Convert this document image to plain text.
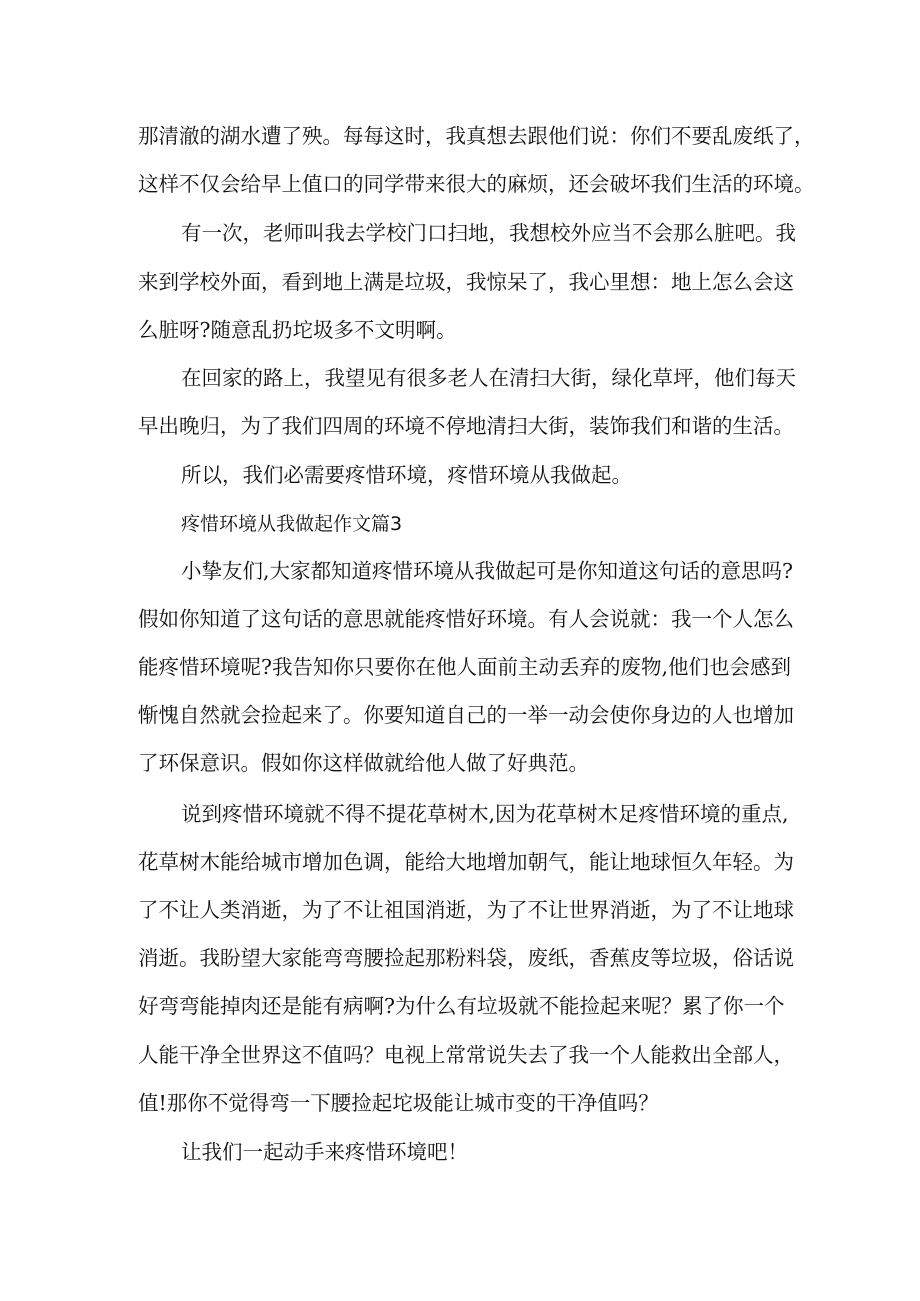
那清澈的湖水遭了殃。每每这时，我真想去跟他们说：你们不要乱废纸了，

这样不仅会给早上值口的同学带来很大的麻烦，还会破坏我们生活的环境。

有一次，老师叫我去学校门口扫地，我想校外应当不会那么脏吧。我

来到学校外面，看到地上满是垃圾，我惊呆了，我心里想：地上怎么会这

么脏呀?随意乱扔坨圾多不文明啊。

在回家的路上，我望见有很多老人在清扫大街，绿化草坪，他们每天

早出晚归，为了我们四周的环境不停地清扫大街，装饰我们和谐的生活。

所以，我们必需要疼惜环境，疼惜环境从我做起。

疼惜环境从我做起作文篇3

小挚友们,大家都知道疼惜环境从我做起可是你知道这句话的意思吗?

假如你知道了这句话的意思就能疼惜好环境。有人会说就：我一个人怎么

能疼惜环境呢?我告知你只要你在他人面前主动丢弃的废物,他们也会感到

惭愧自然就会捡起来了。你要知道自己的一举一动会使你身边的人也增加

了环保意识。假如你这样做就给他人做了好典范。

说到疼惜环境就不得不提花草树木,因为花草树木足疼惜环境的重点,

花草树木能给城市增加色调，能给大地增加朝气，能让地球恒久年轻。为

了不让人类消逝，为了不让祖国消逝，为了不让世界消逝，为了不让地球

消逝。我盼望大家能弯弯腰捡起那粉料袋，废纸，香蕉皮等垃圾，俗话说

好弯弯能掉肉还是能有病啊?为什么有垃圾就不能捡起来呢？累了你一个

人能干净全世界这不值吗？电视上常常说失去了我一个人能救出全部人，

值!那你不觉得弯一下腰捡起坨圾能让城市变的干净值吗？

让我们一起动手来疼惜环境吧！
